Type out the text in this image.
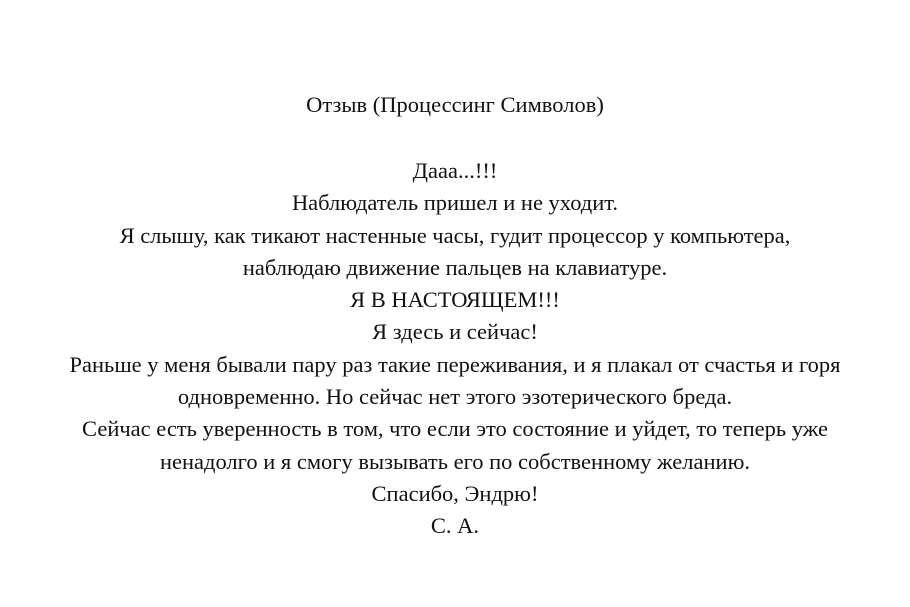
Отзыв (Процессинг Символов)
Дааа...!!!
Наблюдатель пришел и не уходит.
Я слышу, как тикают настенные часы, гудит процессор у компьютера,
наблюдаю движение пальцев на клавиатуре.
Я В НАСТОЯЩЕМ!!!
Я здесь и сейчас!
Раньше у меня бывали пару раз такие переживания, и я плакал от счастья и горя
одновременно. Но сейчас нет этого эзотерического бреда.
Сейчас есть уверенность в том, что если это состояние и уйдет, то теперь уже
ненадолго и я смогу вызывать его по собственному желанию.
Спасибо, Эндрю!
С. А.
